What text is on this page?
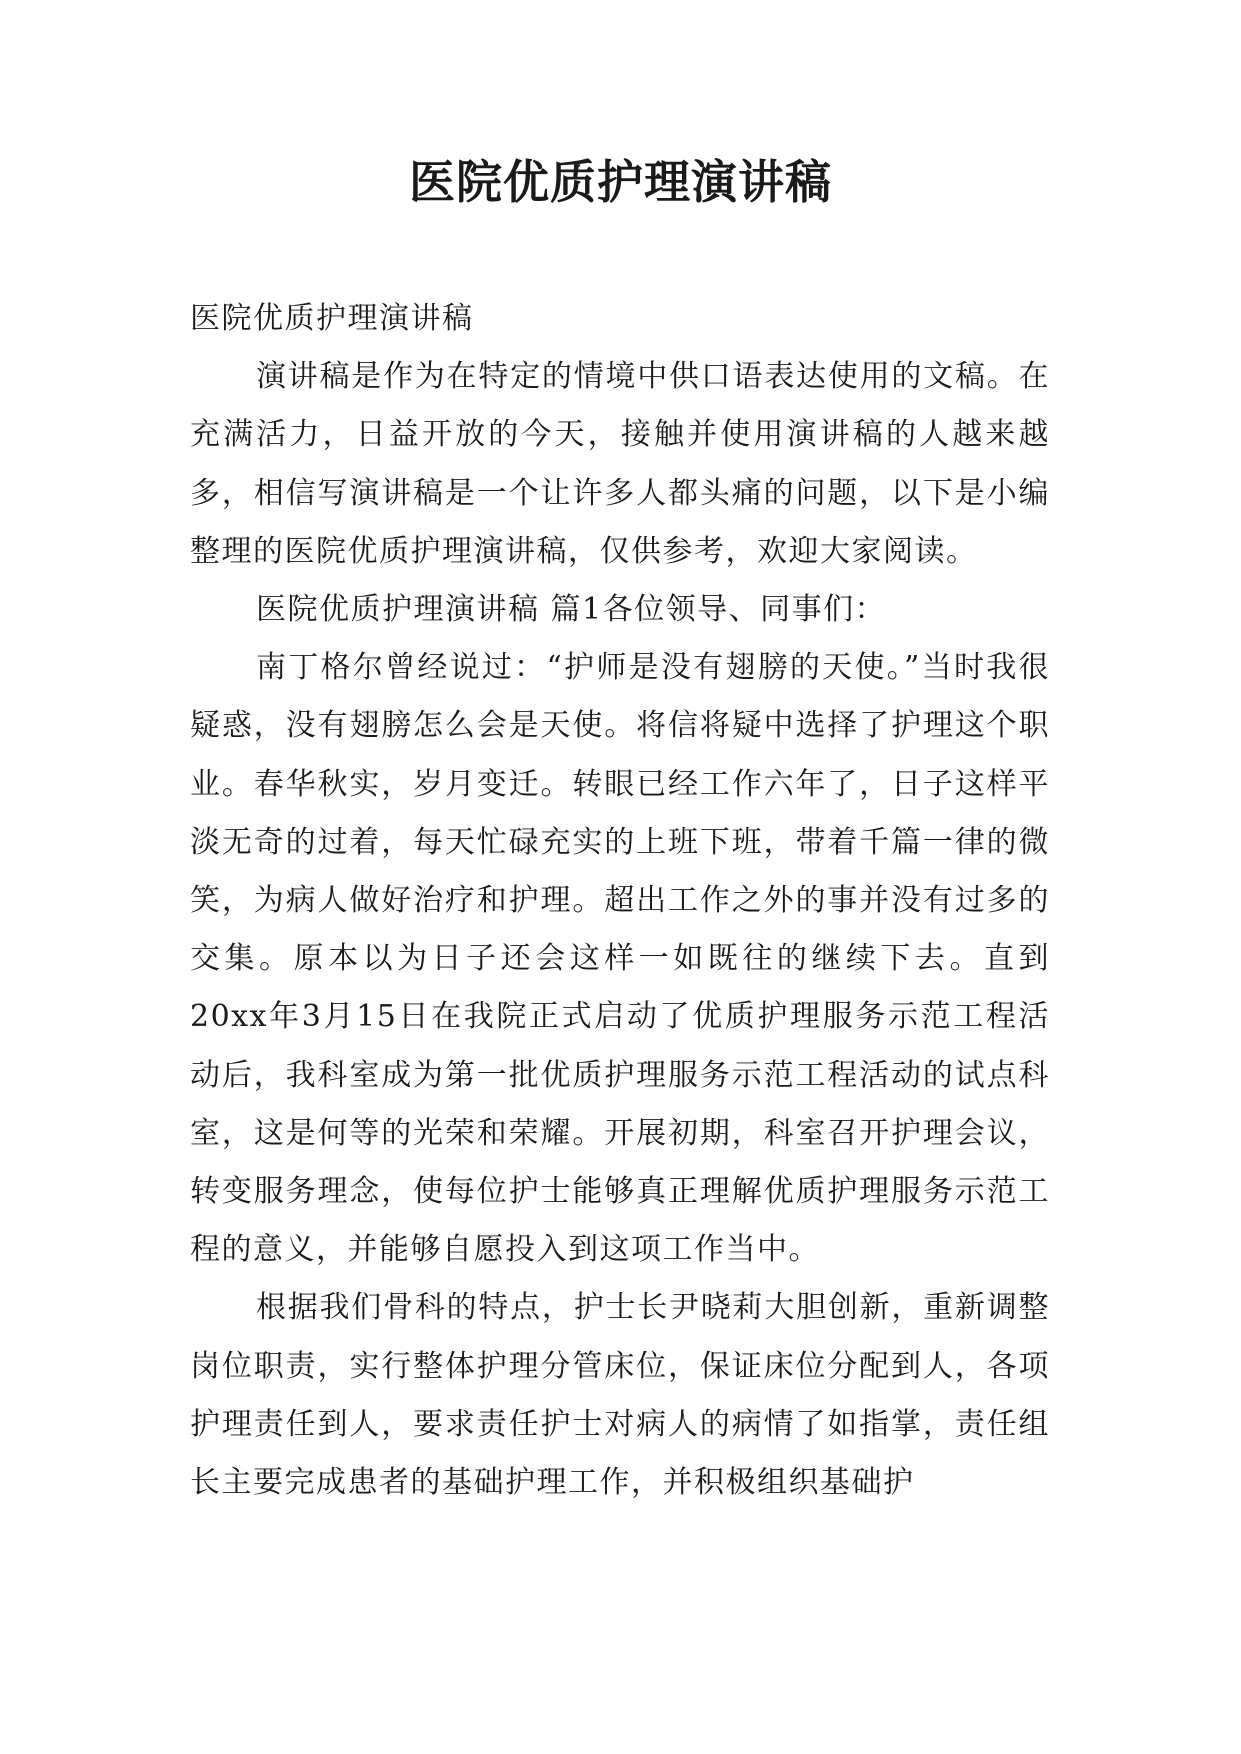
医院优质护理演讲稿

医院优质护理演讲稿

演讲稿是作为在特定的情境中供口语表达使用的文稿。在充满活力，日益开放的今天，接触并使用演讲稿的人越来越多，相信写演讲稿是一个让许多人都头痛的问题，以下是小编整理的医院优质护理演讲稿，仅供参考，欢迎大家阅读。

医院优质护理演讲稿 篇1各位领导、同事们：

南丁格尔曾经说过：“护师是没有翅膀的天使。”当时我很疑惑，没有翅膀怎么会是天使。将信将疑中选择了护理这个职业。春华秋实，岁月变迁。转眼已经工作六年了，日子这样平淡无奇的过着，每天忙碌充实的上班下班，带着千篇一律的微笑，为病人做好治疗和护理。超出工作之外的事并没有过多的交集。原本以为日子还会这样一如既往的继续下去。直到20xx年3月15日在我院正式启动了优质护理服务示范工程活动后，我科室成为第一批优质护理服务示范工程活动的试点科室，这是何等的光荣和荣耀。开展初期，科室召开护理会议，转变服务理念，使每位护士能够真正理解优质护理服务示范工程的意义，并能够自愿投入到这项工作当中。

根据我们骨科的特点，护士长尹晓莉大胆创新，重新调整岗位职责，实行整体护理分管床位，保证床位分配到人，各项护理责任到人，要求责任护士对病人的病情了如指掌，责任组长主要完成患者的基础护理工作，并积极组织基础护
